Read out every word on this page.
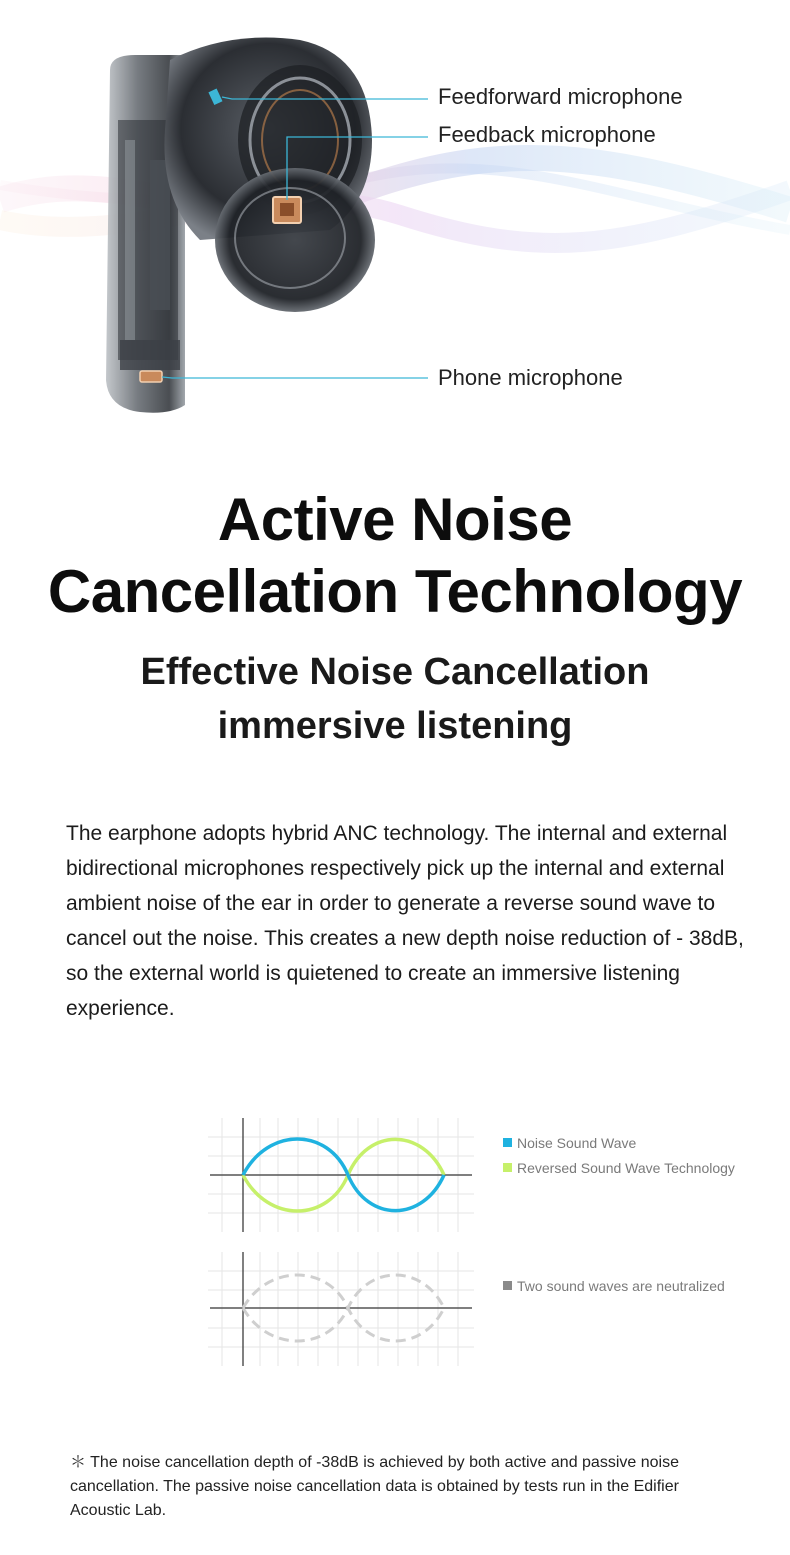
Feedforward microphone
Feedback microphone
Phone microphone
Active Noise
Cancellation Technology
Effective Noise Cancellation
immersive listening

The earphone adopts hybrid ANC technology. The internal and external bidirectional microphones respectively pick up the internal and external ambient noise of the ear in order to generate a reverse sound wave to cancel out the noise. This creates a new depth noise reduction of - 38dB, so the external world is quietened to create an immersive listening experience.

Noise Sound Wave
Reversed Sound Wave Technology
Two sound waves are neutralized

＊ The noise cancellation depth of -38dB is achieved by both active and passive noise cancellation. The passive noise cancellation data is obtained by tests run in the Edifier Acoustic Lab.
